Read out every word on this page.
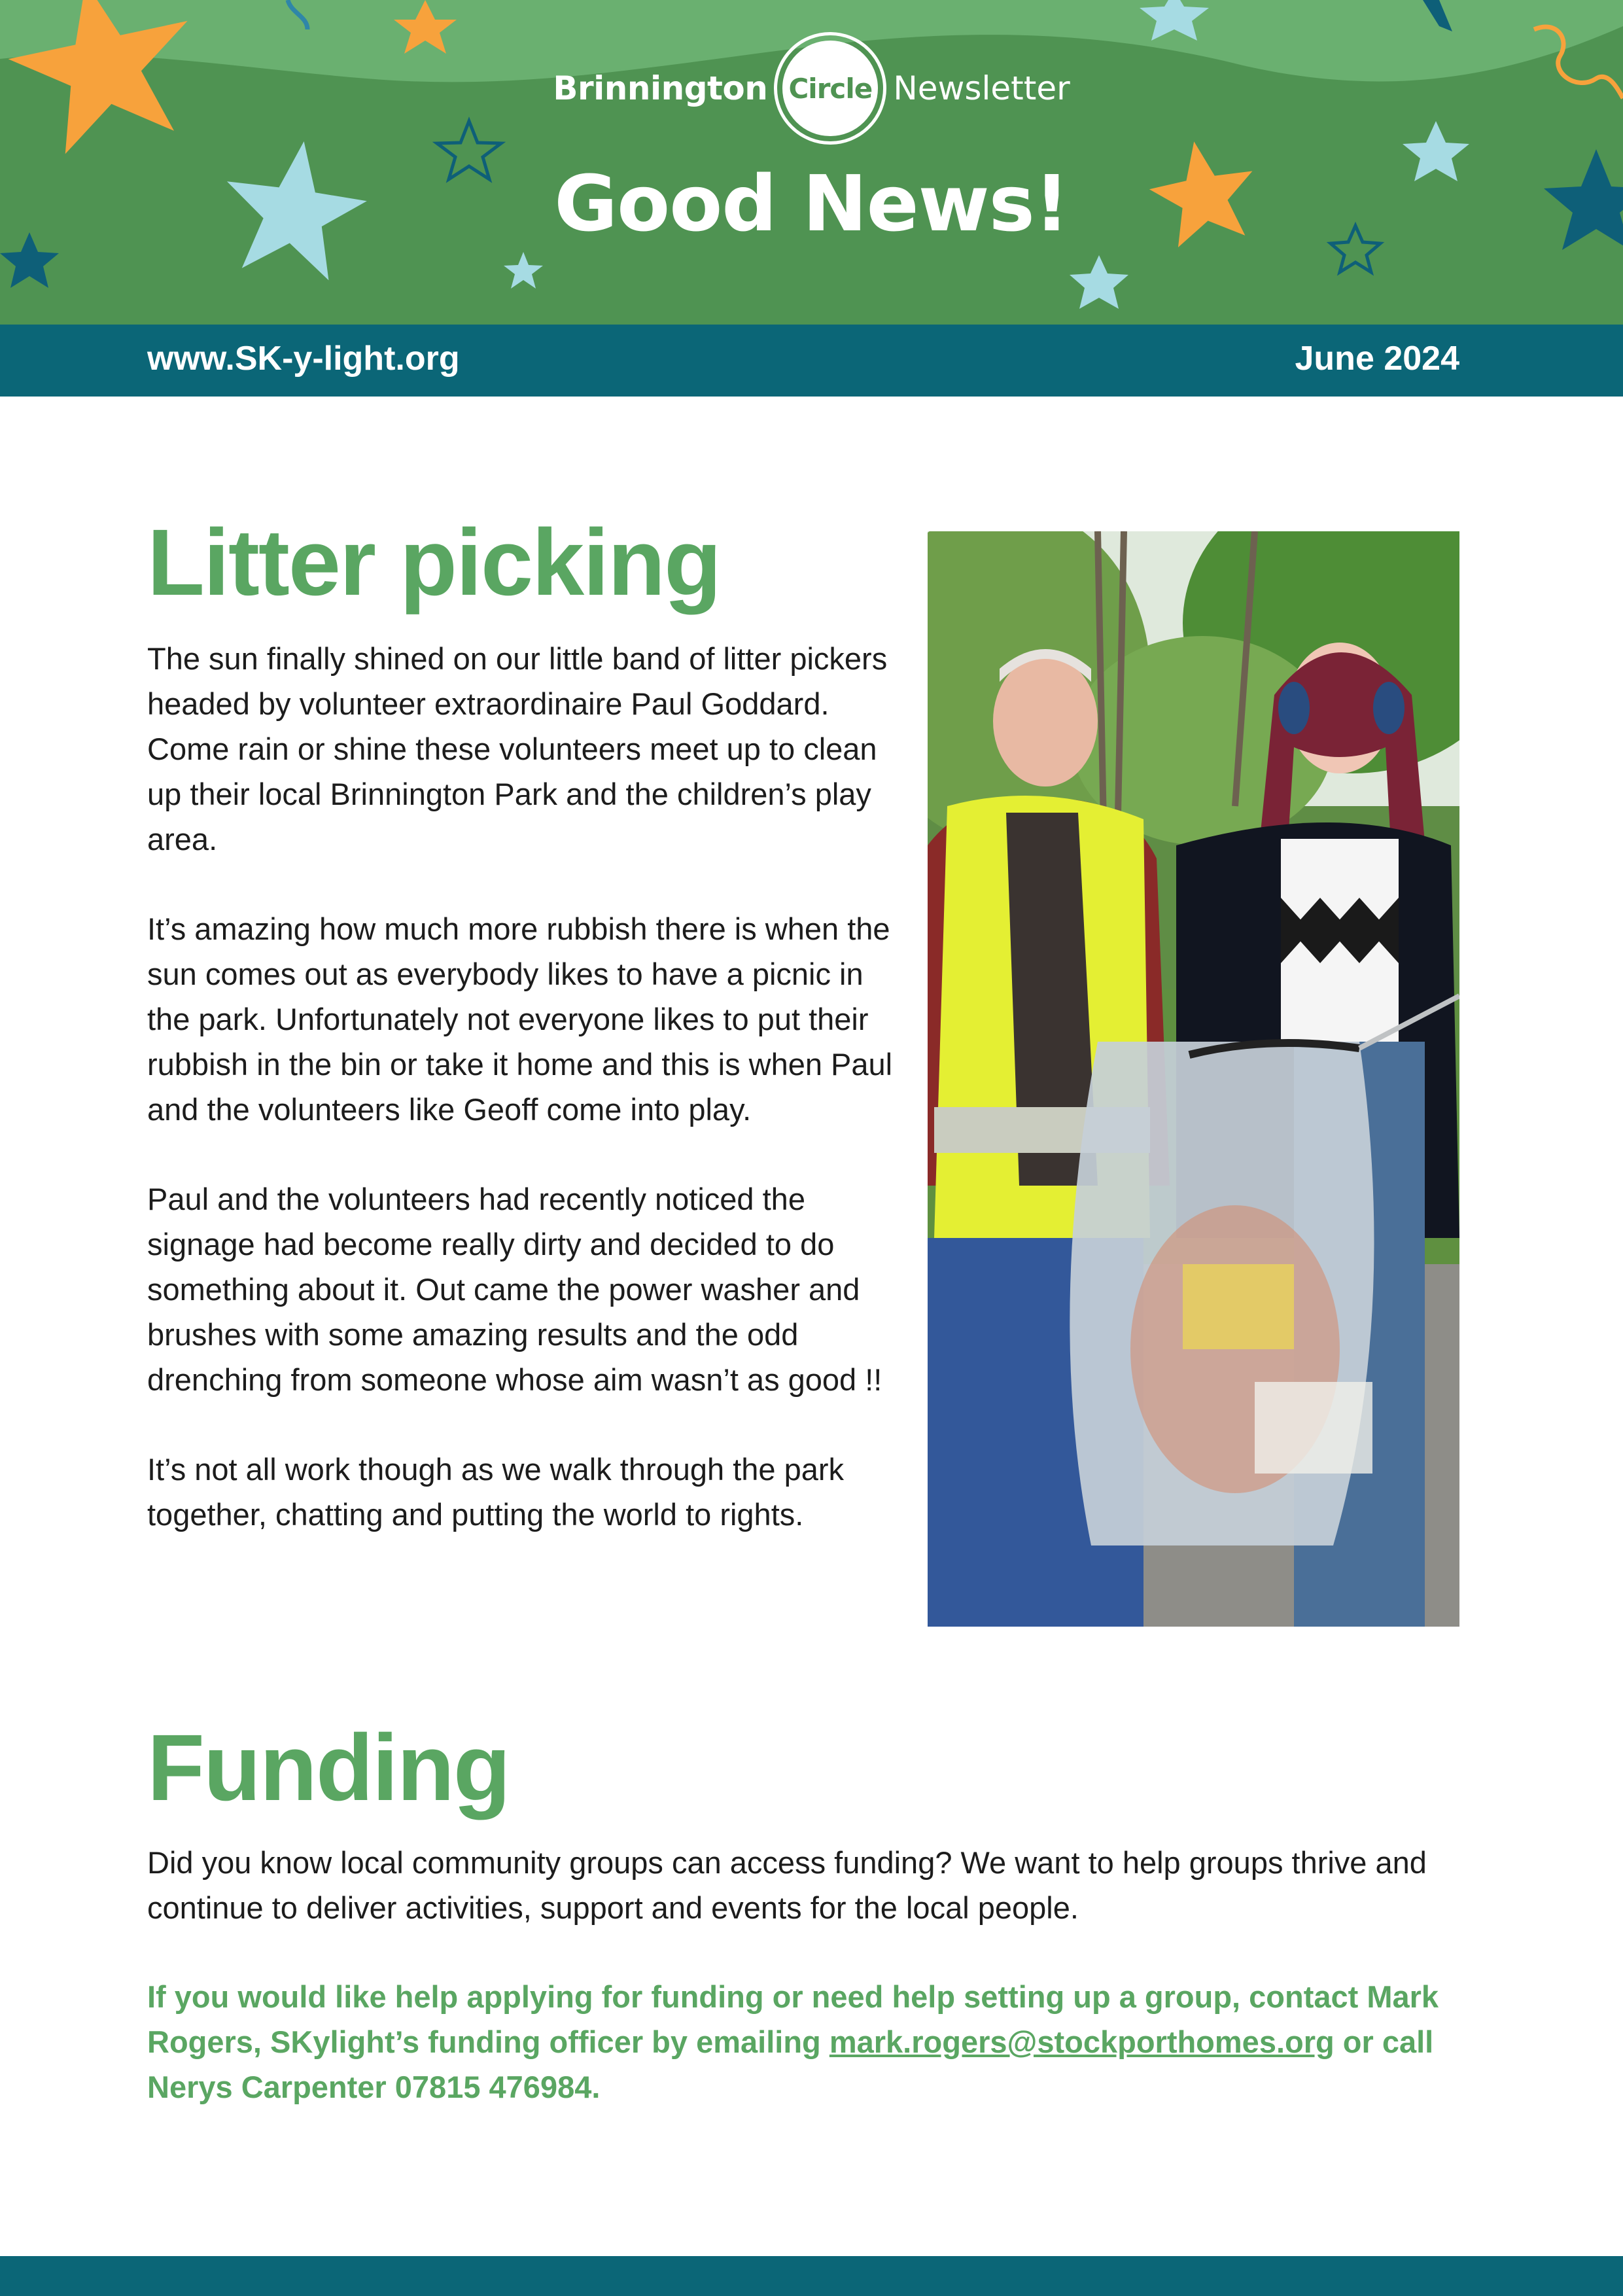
Brinnington Circle Newsletter
Good News!
www.SK-y-light.org	June 2024
Litter picking

The sun finally shined on our little band of litter pickers headed by volunteer extraordinaire Paul Goddard. Come rain or shine these volunteers meet up to clean up their local Brinnington Park and the children’s play area.

It’s amazing how much more rubbish there is when the sun comes out as everybody likes to have a picnic in the park. Unfortunately not everyone likes to put their rubbish in the bin or take it home and this is when Paul and the volunteers like Geoff come into play.

Paul and the volunteers had recently noticed the signage had become really dirty and decided to do something about it. Out came the power washer and brushes with some amazing results and the odd drenching from someone whose aim wasn’t as good !!

It’s not all work though as we walk through the park together, chatting and putting the world to rights.

Funding

Did you know local community groups can access funding? We want to help groups thrive and continue to deliver activities, support and events for the local people.

If you would like help applying for funding or need help setting up a group, contact Mark Rogers, SKylight’s funding officer by emailing mark.rogers@stockporthomes.org or call Nerys Carpenter 07815 476984.
